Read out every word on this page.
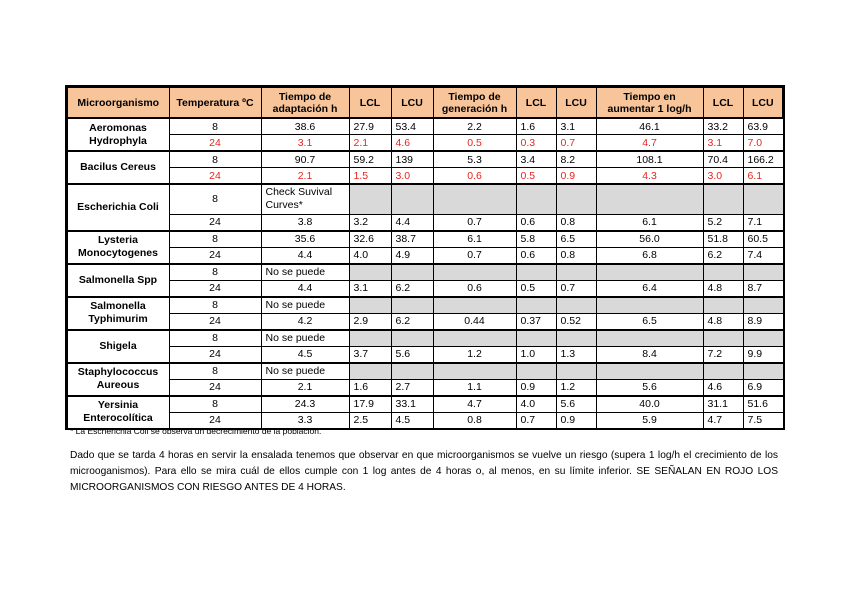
Microorganismo	Temperatura ºC	Tiempo de adaptación h	LCL	LCU	Tiempo de generación h	LCL	LCU	Tiempo en aumentar 1 log/h	LCL	LCU
Aeromonas Hydrophyla	8	38.6	27.9	53.4	2.2	1.6	3.1	46.1	33.2	63.9
	24	3.1	2.1	4.6	0.5	0.3	0.7	4.7	3.1	7.0
Bacilus Cereus	8	90.7	59.2	139	5.3	3.4	8.2	108.1	70.4	166.2
	24	2.1	1.5	3.0	0.6	0.5	0.9	4.3	3.0	6.1
Escherichia Coli	8	Check Suvival Curves*								
	24	3.8	3.2	4.4	0.7	0.6	0.8	6.1	5.2	7.1
Lysteria Monocytogenes	8	35.6	32.6	38.7	6.1	5.8	6.5	56.0	51.8	60.5
	24	4.4	4.0	4.9	0.7	0.6	0.8	6.8	6.2	7.4
Salmonella Spp	8	No se puede								
	24	4.4	3.1	6.2	0.6	0.5	0.7	6.4	4.8	8.7
Salmonella Typhimurim	8	No se puede								
	24	4.2	2.9	6.2	0.44	0.37	0.52	6.5	4.8	8.9
Shigela	8	No se puede								
	24	4.5	3.7	5.6	1.2	1.0	1.3	8.4	7.2	9.9
Staphylococcus Aureous	8	No se puede								
	24	2.1	1.6	2.7	1.1	0.9	1.2	5.6	4.6	6.9
Yersinia Enterocolítica	8	24.3	17.9	33.1	4.7	4.0	5.6	40.0	31.1	51.6
	24	3.3	2.5	4.5	0.8	0.7	0.9	5.9	4.7	7.5
* La Escherichia Coli se observa un decrecimiento de la población.
Dado que se tarda 4 horas en servir la ensalada tenemos que observar en que microorganismos se vuelve un riesgo (supera 1 log/h el crecimiento de los microoganismos). Para ello se mira cuál de ellos cumple con 1 log antes de 4 horas o, al menos, en su límite inferior. SE SEÑALAN EN ROJO LOS MICROORGANISMOS CON RIESGO ANTES DE 4 HORAS.
